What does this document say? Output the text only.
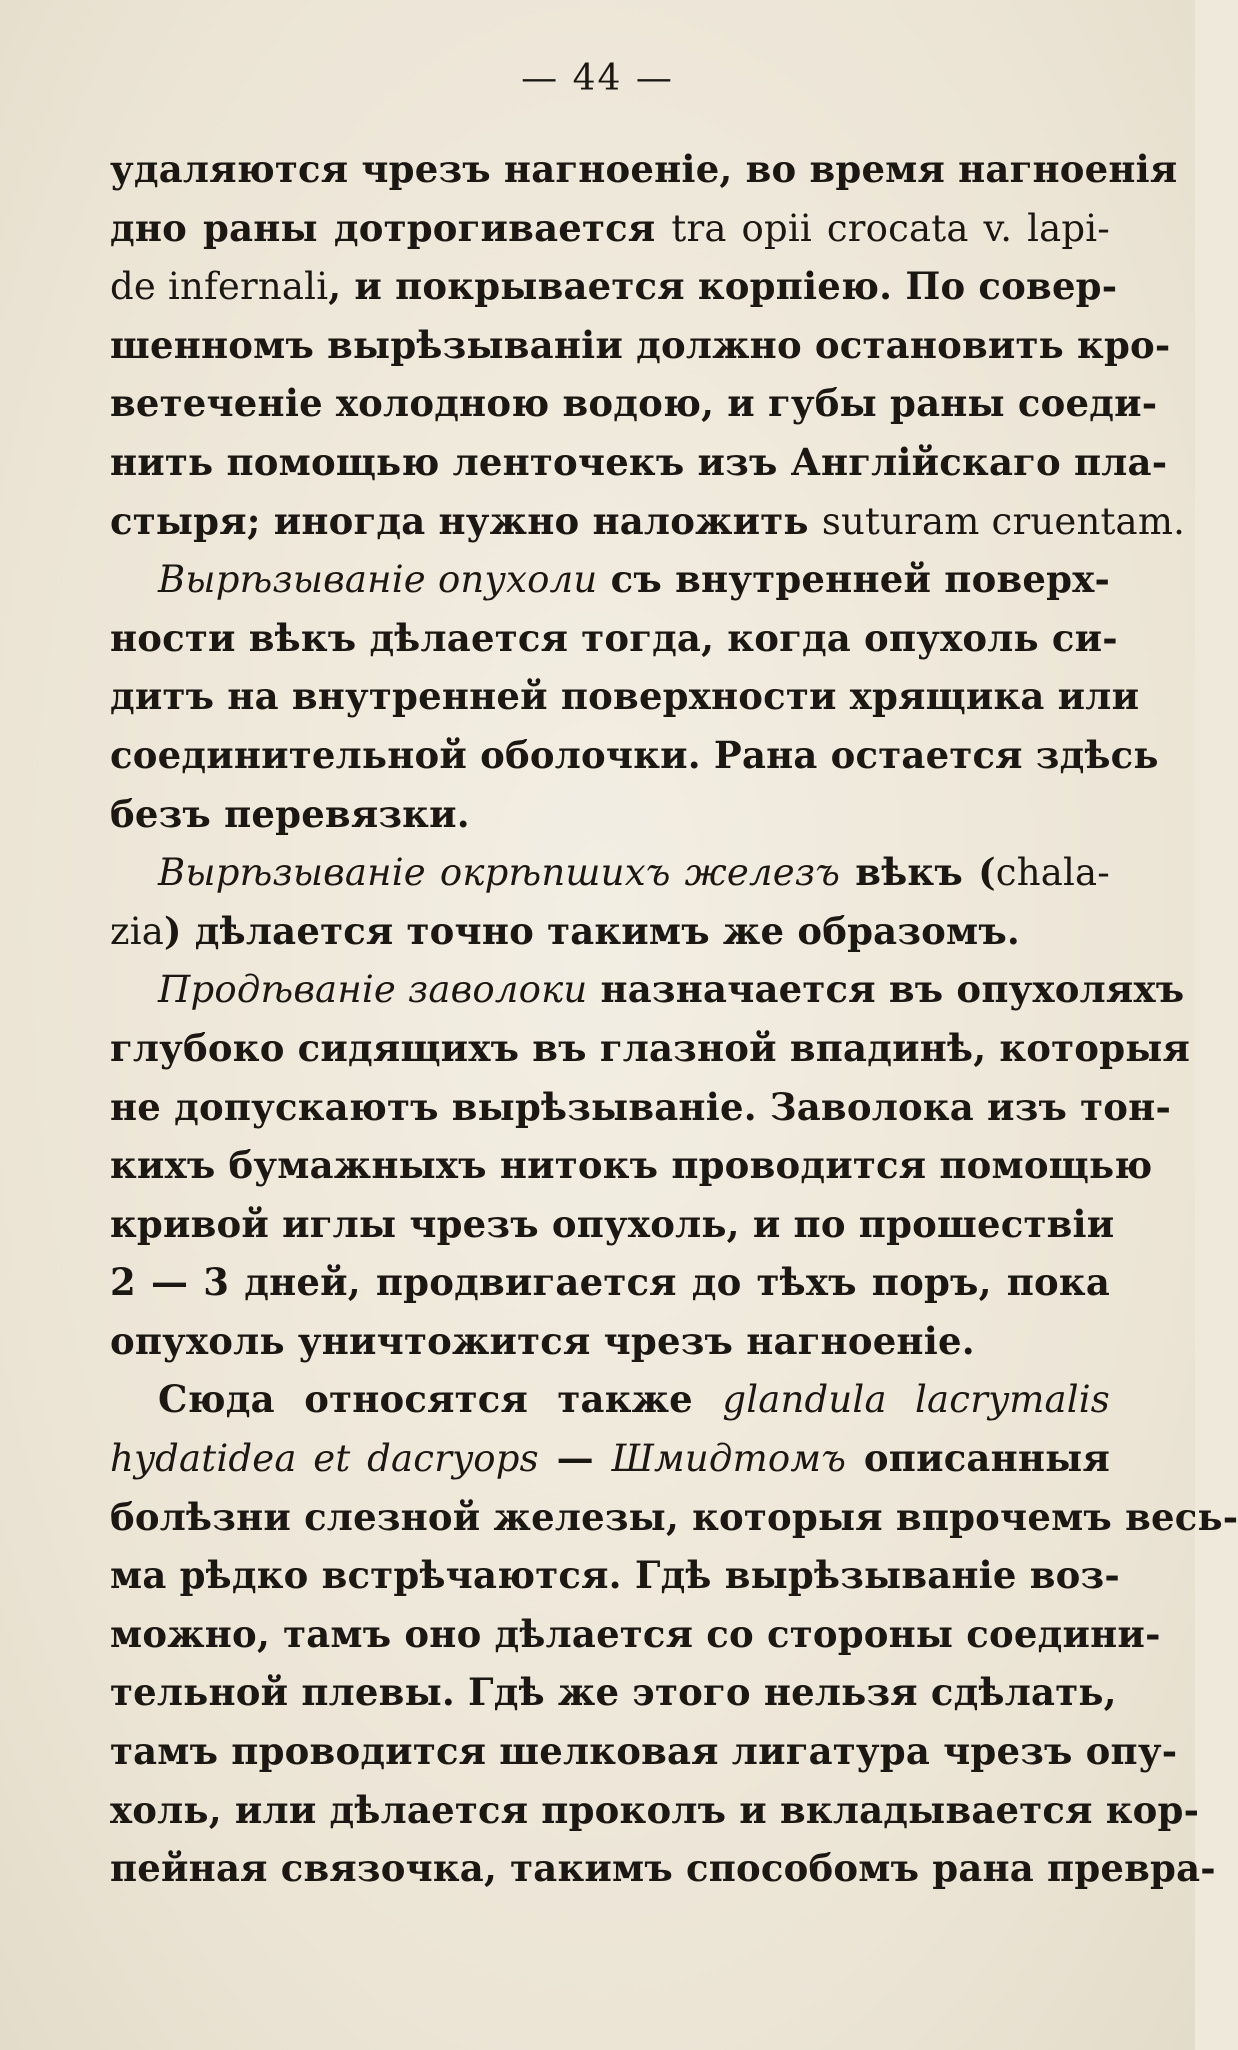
— 44 —
удаляются чрезъ нагноеніе, во время нагноенія
дно раны дотрогивается tra opii crocata v. lapi-
de infernali, и покрывается корпіею. По совер-
шенномъ вырѣзываніи должно остановить кро-
ветеченіе холодною водою, и губы раны соеди-
нить помощью ленточекъ изъ Англійскаго пла-
стыря; иногда нужно наложить suturam cruentam.
Вырѣзываніе опухоли съ внутренней поверх-
ности вѣкъ дѣлается тогда, когда опухоль си-
дитъ на внутренней поверхности хрящика или
соединительной оболочки. Рана остается здѣсь
безъ перевязки.
Вырѣзываніе окрѣпшихъ железъ вѣкъ (chala-
zia) дѣлается точно такимъ же образомъ.
Продѣваніе заволоки назначается въ опухоляхъ
глубоко сидящихъ въ глазной впадинѣ, которыя
не допускаютъ вырѣзываніе. Заволока изъ тон-
кихъ бумажныхъ нитокъ проводится помощью
кривой иглы чрезъ опухоль, и по прошествіи
2 — 3 дней, продвигается до тѣхъ поръ, пока
опухоль уничтожится чрезъ нагноеніе.
Сюда относятся также glandula lacrymalis
hydatidea et dacryops — Шмидтомъ описанныя
болѣзни слезной железы, которыя впрочемъ весь-
ма рѣдко встрѣчаются. Гдѣ вырѣзываніе воз-
можно, тамъ оно дѣлается со стороны соедини-
тельной плевы. Гдѣ же этого нельзя сдѣлать,
тамъ проводится шелковая лигатура чрезъ опу-
холь, или дѣлается проколъ и вкладывается кор-
пейная связочка, такимъ способомъ рана превра-
